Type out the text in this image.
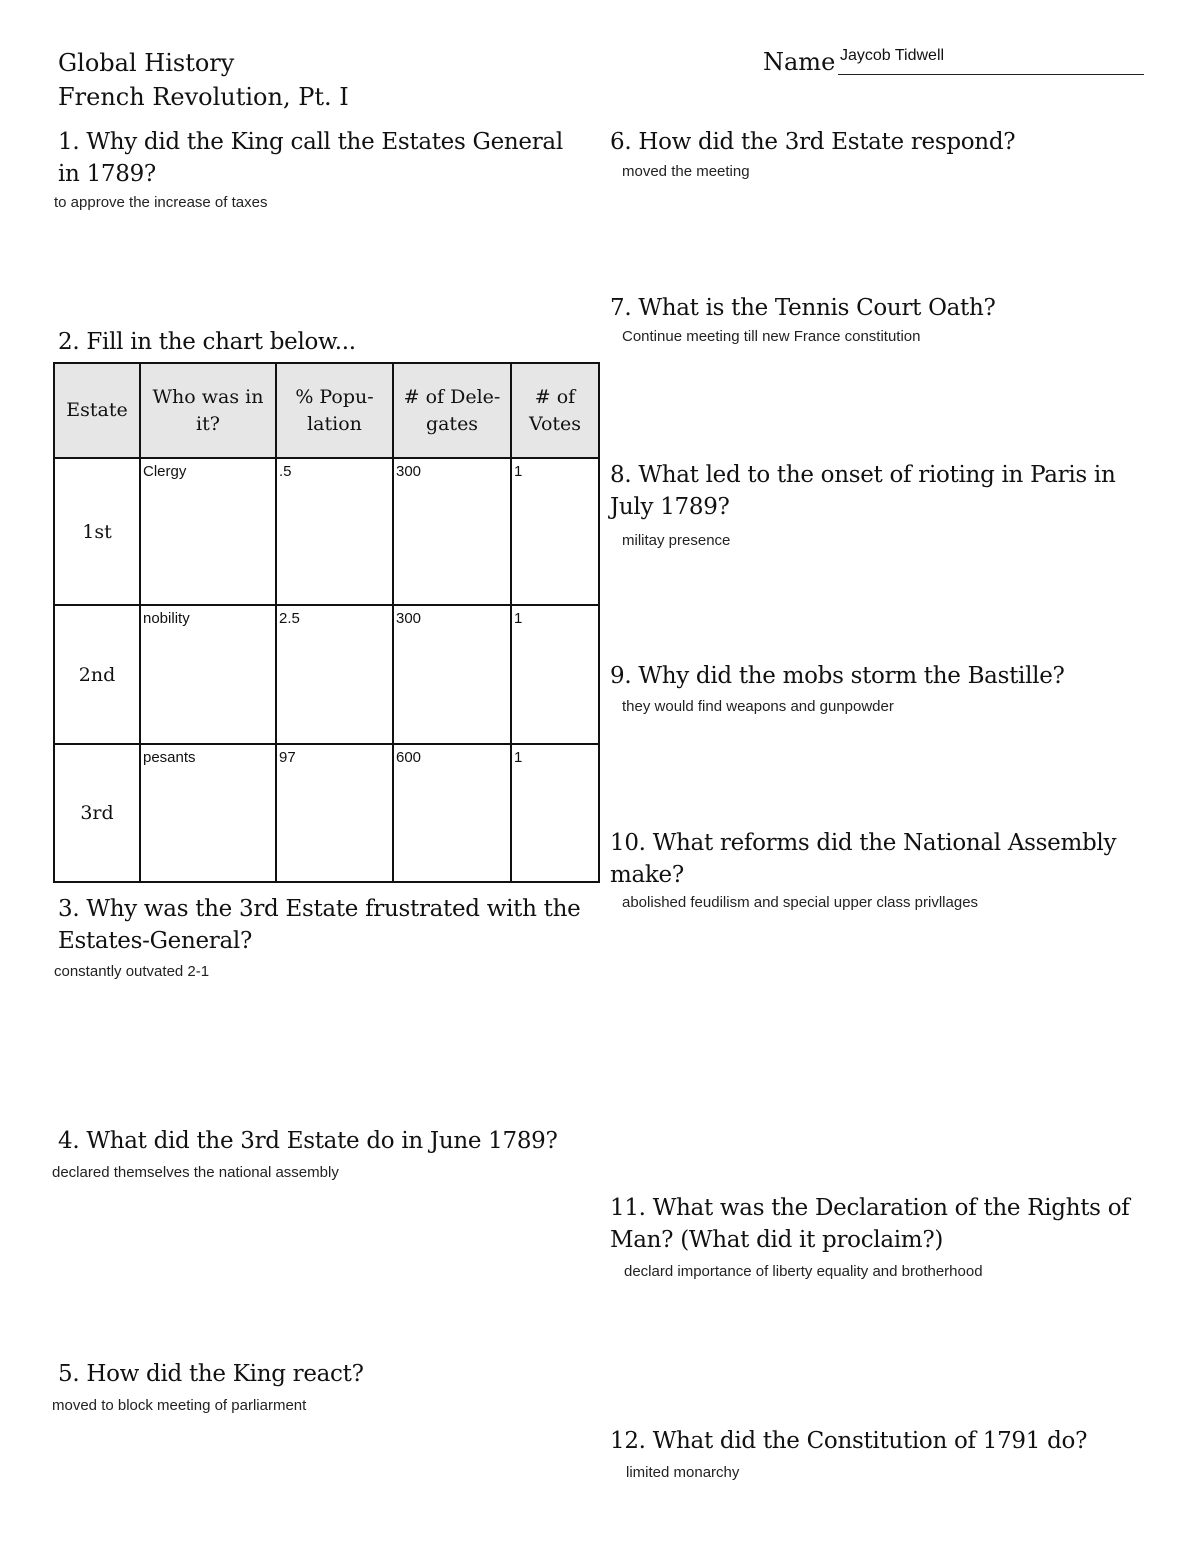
Global History
French Revolution, Pt. I
Name Jaycob Tidwell
1. Why did the King call the Estates General in 1789?
to approve the increase of taxes
2. Fill in the chart below...
Estate	Who was in it?	% Popu-lation	# of Dele-gates	# of Votes
1st	Clergy	.5	300	1

2nd	nobility	2.5	300	1

3rd	pesants	97	600	1
3. Why was the 3rd Estate frustrated with the Estates-General?
constantly outvated 2-1
4. What did the 3rd Estate do in June 1789?
declared themselves the national assembly
5. How did the King react?
moved to block meeting of parliarment
6. How did the 3rd Estate respond?
moved the meeting
7. What is the Tennis Court Oath?
Continue meeting till new France constitution
8. What led to the onset of rioting in Paris in July 1789?
militay presence
9. Why did the mobs storm the Bastille?
they would find weapons and gunpowder
10. What reforms did the National Assembly make?
abolished feudilism and special upper class privllages
11. What was the Declaration of the Rights of Man? (What did it proclaim?)
declard importance of liberty equality and brotherhood
12. What did the Constitution of 1791 do?
limited monarchy
